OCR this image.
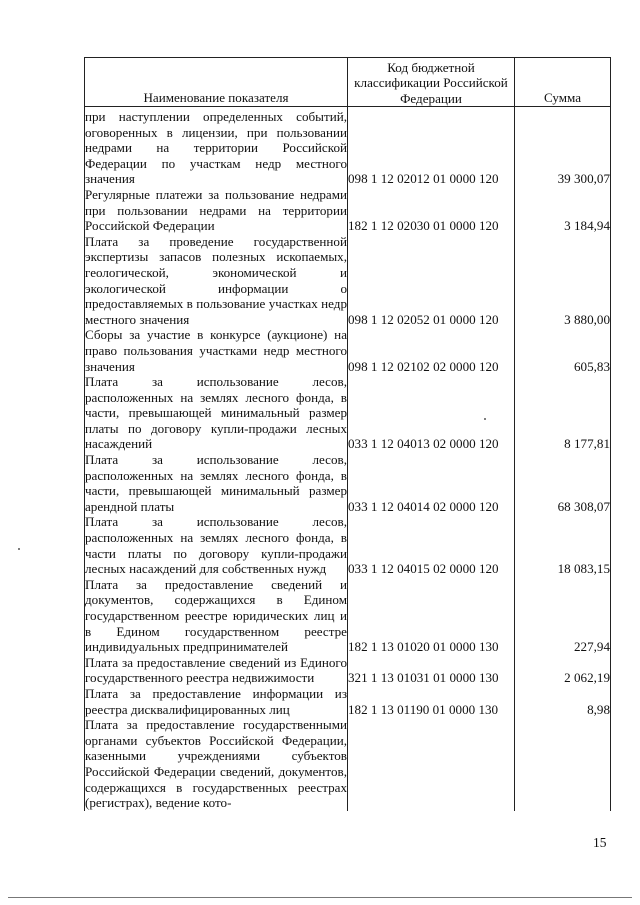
Наименование показателя	Код бюджетной классификации Российской Федерации	Сумма
при наступлении определенных событий, оговоренных в лицензии, при пользовании недрами на территории Российской Федерации по участкам недр местного значения	098 1 12 02012 01 0000 120	39 300,07
Регулярные платежи за пользование недрами при пользовании недрами на территории Российской Федерации	182 1 12 02030 01 0000 120	3 184,94
Плата за проведение государственной экспертизы запасов полезных ископаемых, геологической, экономической и экологической информации о предоставляемых в пользование участках недр местного значения	098 1 12 02052 01 0000 120	3 880,00
Сборы за участие в конкурсе (аукционе) на право пользования участками недр местного значения	098 1 12 02102 02 0000 120	605,83
Плата за использование лесов, расположенных на землях лесного фонда, в части, превышающей минимальный размер платы по договору купли-продажи лесных насаждений	033 1 12 04013 02 0000 120	8 177,81
Плата за использование лесов, расположенных на землях лесного фонда, в части, превышающей минимальный размер арендной платы	033 1 12 04014 02 0000 120	68 308,07
Плата за использование лесов, расположенных на землях лесного фонда, в части платы по договору купли-продажи лесных насаждений для собственных нужд	033 1 12 04015 02 0000 120	18 083,15
Плата за предоставление сведений и документов, содержащихся в Едином государственном реестре юридических лиц и в Едином государственном реестре индивидуальных предпринимателей	182 1 13 01020 01 0000 130	227,94
Плата за предоставление сведений из Единого государственного реестра недвижимости	321 1 13 01031 01 0000 130	2 062,19
Плата за предоставление информации из реестра дисквалифицированных лиц	182 1 13 01190 01 0000 130	8,98
Плата за предоставление государственными органами субъектов Российской Федерации, казенными учреждениями субъектов Российской Федерации сведений, документов, содержащихся в государственных реестрах (регистрах), ведение кото-		
15
